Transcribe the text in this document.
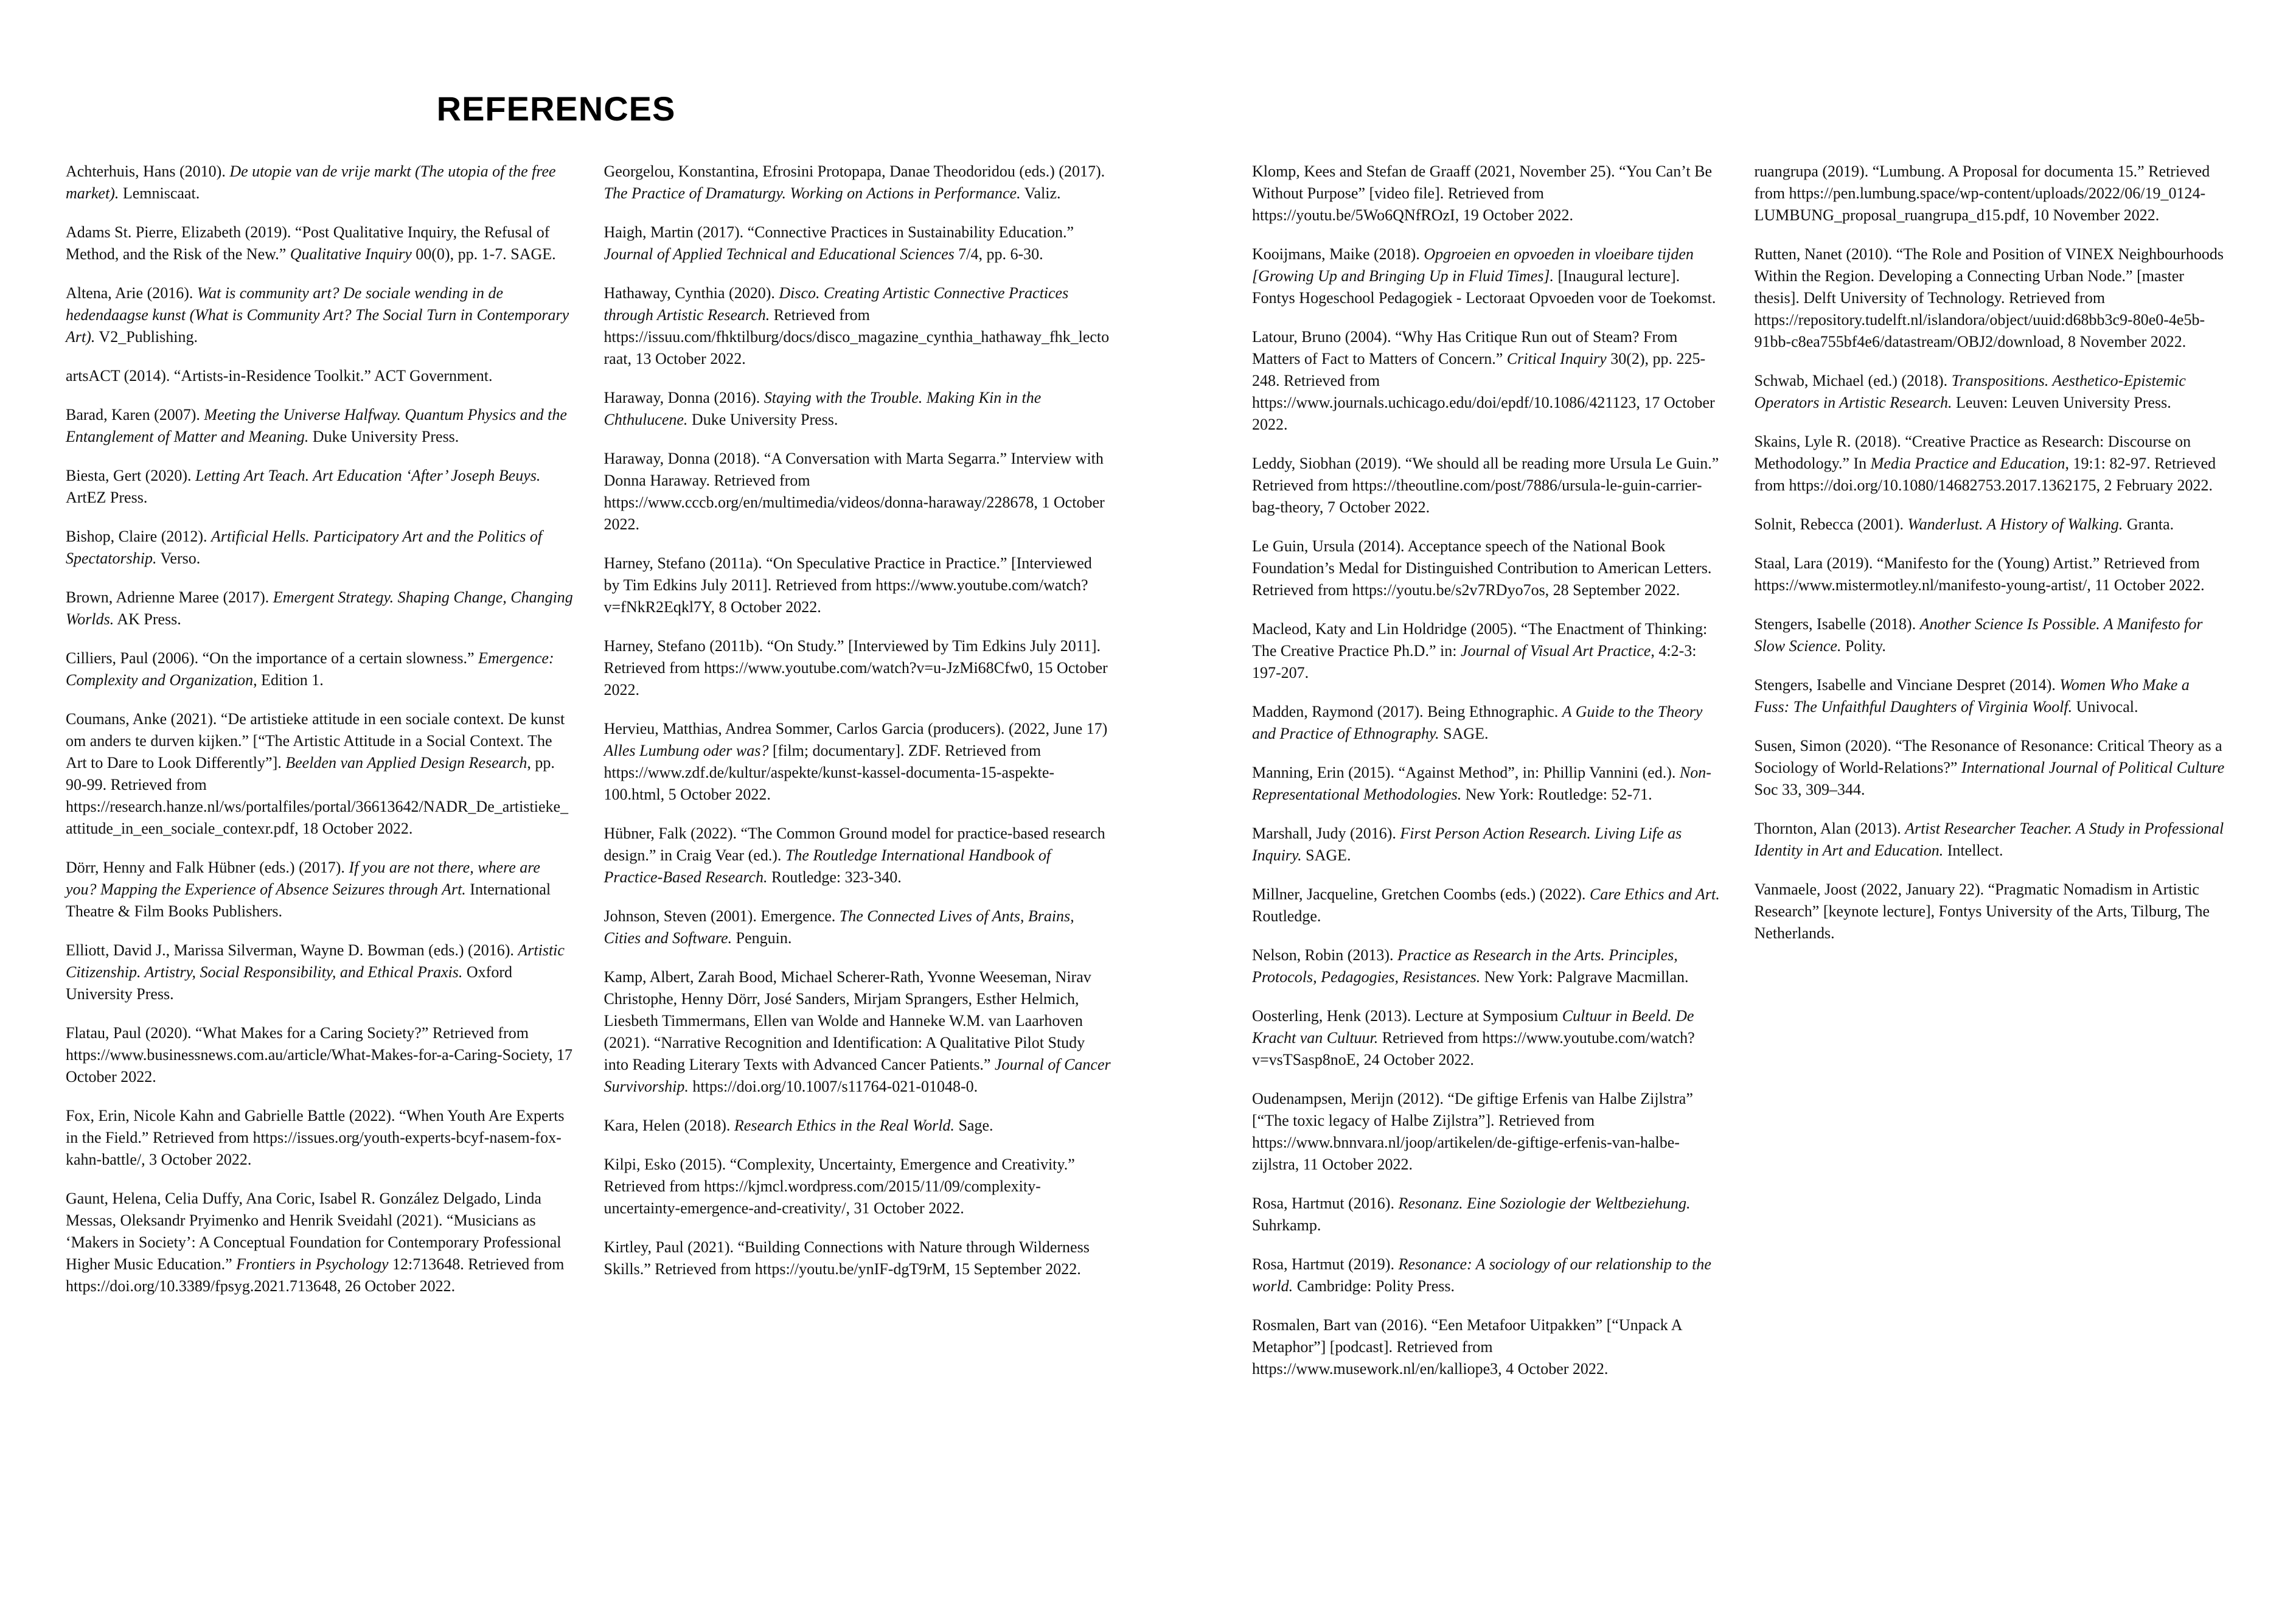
REFERENCES

Achterhuis, Hans (2010). De utopie van de vrije markt (The utopia of the free market). Lemniscaat.

Adams St. Pierre, Elizabeth (2019). “Post Qualitative Inquiry, the Refusal of Method, and the Risk of the New.” Qualitative Inquiry 00(0), pp. 1-7. SAGE.

Altena, Arie (2016). Wat is community art? De sociale wending in de hedendaagse kunst (What is Community Art? The Social Turn in Contemporary Art). V2_Publishing.

artsACT (2014). “Artists-in-Residence Toolkit.” ACT Government.

Barad, Karen (2007). Meeting the Universe Halfway. Quantum Physics and the Entanglement of Matter and Meaning. Duke University Press.

Biesta, Gert (2020). Letting Art Teach. Art Education ‘After’ Joseph Beuys. ArtEZ Press.

Bishop, Claire (2012). Artificial Hells. Participatory Art and the Politics of Spectatorship. Verso.

Brown, Adrienne Maree (2017). Emergent Strategy. Shaping Change, Changing Worlds. AK Press.

Cilliers, Paul (2006). “On the importance of a certain slowness.” Emergence: Complexity and Organization, Edition 1.

Coumans, Anke (2021). “De artistieke attitude in een sociale context. De kunst om anders te durven kijken.” [“The Artistic Attitude in a Social Context. The Art to Dare to Look Differently”]. Beelden van Applied Design Research, pp. 90-99. Retrieved from https://research.hanze.nl/ws/portalfiles/portal/36613642/NADR_De_artistieke_attitude_in_een_sociale_contexr.pdf, 18 October 2022.

Dörr, Henny and Falk Hübner (eds.) (2017). If you are not there, where are you? Mapping the Experience of Absence Seizures through Art. International Theatre & Film Books Publishers.

Elliott, David J., Marissa Silverman, Wayne D. Bowman (eds.) (2016). Artistic Citizenship. Artistry, Social Responsibility, and Ethical Praxis. Oxford University Press.

Flatau, Paul (2020). “What Makes for a Caring Society?” Retrieved from https://www.businessnews.com.au/article/What-Makes-for-a-Caring-Society, 17 October 2022.

Fox, Erin, Nicole Kahn and Gabrielle Battle (2022). “When Youth Are Experts in the Field.” Retrieved from https://issues.org/youth-experts-bcyf-nasem-fox-kahn-battle/, 3 October 2022.

Gaunt, Helena, Celia Duffy, Ana Coric, Isabel R. González Delgado, Linda Messas, Oleksandr Pryimenko and Henrik Sveidahl (2021). “Musicians as ‘Makers in Society’: A Conceptual Foundation for Contemporary Professional Higher Music Education.” Frontiers in Psychology 12:713648. Retrieved from https://doi.org/10.3389/fpsyg.2021.713648, 26 October 2022.

Georgelou, Konstantina, Efrosini Protopapa, Danae Theodoridou (eds.) (2017). The Practice of Dramaturgy. Working on Actions in Performance. Valiz.

Haigh, Martin (2017). “Connective Practices in Sustainability Education.” Journal of Applied Technical and Educational Sciences 7/4, pp. 6-30.

Hathaway, Cynthia (2020). Disco. Creating Artistic Connective Practices through Artistic Research. Retrieved from https://issuu.com/fhktilburg/docs/disco_magazine_cynthia_hathaway_fhk_lectoraat, 13 October 2022.

Haraway, Donna (2016). Staying with the Trouble. Making Kin in the Chthulucene. Duke University Press.

Haraway, Donna (2018). “A Conversation with Marta Segarra.” Interview with Donna Haraway. Retrieved from https://www.cccb.org/en/multimedia/videos/donna-haraway/228678, 1 October 2022.

Harney, Stefano (2011a). “On Speculative Practice in Practice.” [Interviewed by Tim Edkins July 2011]. Retrieved from https://www.youtube.com/watch?v=fNkR2Eqkl7Y, 8 October 2022.

Harney, Stefano (2011b). “On Study.” [Interviewed by Tim Edkins July 2011]. Retrieved from https://www.youtube.com/watch?v=u-JzMi68Cfw0, 15 October 2022.

Hervieu, Matthias, Andrea Sommer, Carlos Garcia (producers). (2022, June 17) Alles Lumbung oder was? [film; documentary]. ZDF. Retrieved from https://www.zdf.de/kultur/aspekte/kunst-kassel-documenta-15-aspekte-100.html, 5 October 2022.

Hübner, Falk (2022). “The Common Ground model for practice-based research design.” in Craig Vear (ed.). The Routledge International Handbook of Practice-Based Research. Routledge: 323-340.

Johnson, Steven (2001). Emergence. The Connected Lives of Ants, Brains, Cities and Software. Penguin.

Kamp, Albert, Zarah Bood, Michael Scherer-Rath, Yvonne Weeseman, Nirav Christophe, Henny Dörr, José Sanders, Mirjam Sprangers, Esther Helmich, Liesbeth Timmermans, Ellen van Wolde and Hanneke W.M. van Laarhoven (2021). “Narrative Recognition and Identification: A Qualitative Pilot Study into Reading Literary Texts with Advanced Cancer Patients.” Journal of Cancer Survivorship. https://doi.org/10.1007/s11764-021-01048-0.

Kara, Helen (2018). Research Ethics in the Real World. Sage.

Kilpi, Esko (2015). “Complexity, Uncertainty, Emergence and Creativity.” Retrieved from https://kjmcl.wordpress.com/2015/11/09/complexity-uncertainty-emergence-and-creativity/, 31 October 2022.

Kirtley, Paul (2021). “Building Connections with Nature through Wilderness Skills.” Retrieved from https://youtu.be/ynIF-dgT9rM, 15 September 2022.

Klomp, Kees and Stefan de Graaff (2021, November 25). “You Can’t Be Without Purpose” [video file]. Retrieved from https://youtu.be/5Wo6QNfROzI, 19 October 2022.

Kooijmans, Maike (2018). Opgroeien en opvoeden in vloeibare tijden [Growing Up and Bringing Up in Fluid Times]. [Inaugural lecture]. Fontys Hogeschool Pedagogiek - Lectoraat Opvoeden voor de Toekomst.

Latour, Bruno (2004). “Why Has Critique Run out of Steam? From Matters of Fact to Matters of Concern.” Critical Inquiry 30(2), pp. 225-248. Retrieved from https://www.journals.uchicago.edu/doi/epdf/10.1086/421123, 17 October 2022.

Leddy, Siobhan (2019). “We should all be reading more Ursula Le Guin.” Retrieved from https://theoutline.com/post/7886/ursula-le-guin-carrier-bag-theory, 7 October 2022.

Le Guin, Ursula (2014). Acceptance speech of the National Book Foundation’s Medal for Distinguished Contribution to American Letters. Retrieved from https://youtu.be/s2v7RDyo7os, 28 September 2022.

Macleod, Katy and Lin Holdridge (2005). “The Enactment of Thinking: The Creative Practice Ph.D.” in: Journal of Visual Art Practice, 4:2-3: 197-207.

Madden, Raymond (2017). Being Ethnographic. A Guide to the Theory and Practice of Ethnography. SAGE.

Manning, Erin (2015). “Against Method”, in: Phillip Vannini (ed.). Non-Representational Methodologies. New York: Routledge: 52-71.

Marshall, Judy (2016). First Person Action Research. Living Life as Inquiry. SAGE.

Millner, Jacqueline, Gretchen Coombs (eds.) (2022). Care Ethics and Art. Routledge.

Nelson, Robin (2013). Practice as Research in the Arts. Principles, Protocols, Pedagogies, Resistances. New York: Palgrave Macmillan.

Oosterling, Henk (2013). Lecture at Symposium Cultuur in Beeld. De Kracht van Cultuur. Retrieved from https://www.youtube.com/watch?v=vsTSasp8noE, 24 October 2022.

Oudenampsen, Merijn (2012). “De giftige Erfenis van Halbe Zijlstra” [“The toxic legacy of Halbe Zijlstra”]. Retrieved from https://www.bnnvara.nl/joop/artikelen/de-giftige-erfenis-van-halbe-zijlstra, 11 October 2022.

Rosa, Hartmut (2016). Resonanz. Eine Soziologie der Weltbeziehung. Suhrkamp.

Rosa, Hartmut (2019). Resonance: A sociology of our relationship to the world. Cambridge: Polity Press.

Rosmalen, Bart van (2016). “Een Metafoor Uitpakken” [“Unpack A Metaphor”] [podcast]. Retrieved from https://www.musework.nl/en/kalliope3, 4 October 2022.

ruangrupa (2019). “Lumbung. A Proposal for documenta 15.” Retrieved from https://pen.lumbung.space/wp-content/uploads/2022/06/19_0124-LUMBUNG_proposal_ruangrupa_d15.pdf, 10 November 2022.

Rutten, Nanet (2010). “The Role and Position of VINEX Neighbourhoods Within the Region. Developing a Connecting Urban Node.” [master thesis]. Delft University of Technology. Retrieved from https://repository.tudelft.nl/islandora/object/uuid:d68bb3c9-80e0-4e5b-91bb-c8ea755bf4e6/datastream/OBJ2/download, 8 November 2022.

Schwab, Michael (ed.) (2018). Transpositions. Aesthetico-Epistemic Operators in Artistic Research. Leuven: Leuven University Press.

Skains, Lyle R. (2018). “Creative Practice as Research: Discourse on Methodology.” In Media Practice and Education, 19:1: 82-97. Retrieved from https://doi.org/10.1080/14682753.2017.1362175, 2 February 2022.

Solnit, Rebecca (2001). Wanderlust. A History of Walking. Granta.

Staal, Lara (2019). “Manifesto for the (Young) Artist.” Retrieved from https://www.mistermotley.nl/manifesto-young-artist/, 11 October 2022.

Stengers, Isabelle (2018). Another Science Is Possible. A Manifesto for Slow Science. Polity.

Stengers, Isabelle and Vinciane Despret (2014). Women Who Make a Fuss: The Unfaithful Daughters of Virginia Woolf. Univocal.

Susen, Simon (2020). “The Resonance of Resonance: Critical Theory as a Sociology of World-Relations?” International Journal of Political Culture Soc 33, 309–344.

Thornton, Alan (2013). Artist Researcher Teacher. A Study in Professional Identity in Art and Education. Intellect.

Vanmaele, Joost (2022, January 22). “Pragmatic Nomadism in Artistic Research” [keynote lecture], Fontys University of the Arts, Tilburg, The Netherlands.
